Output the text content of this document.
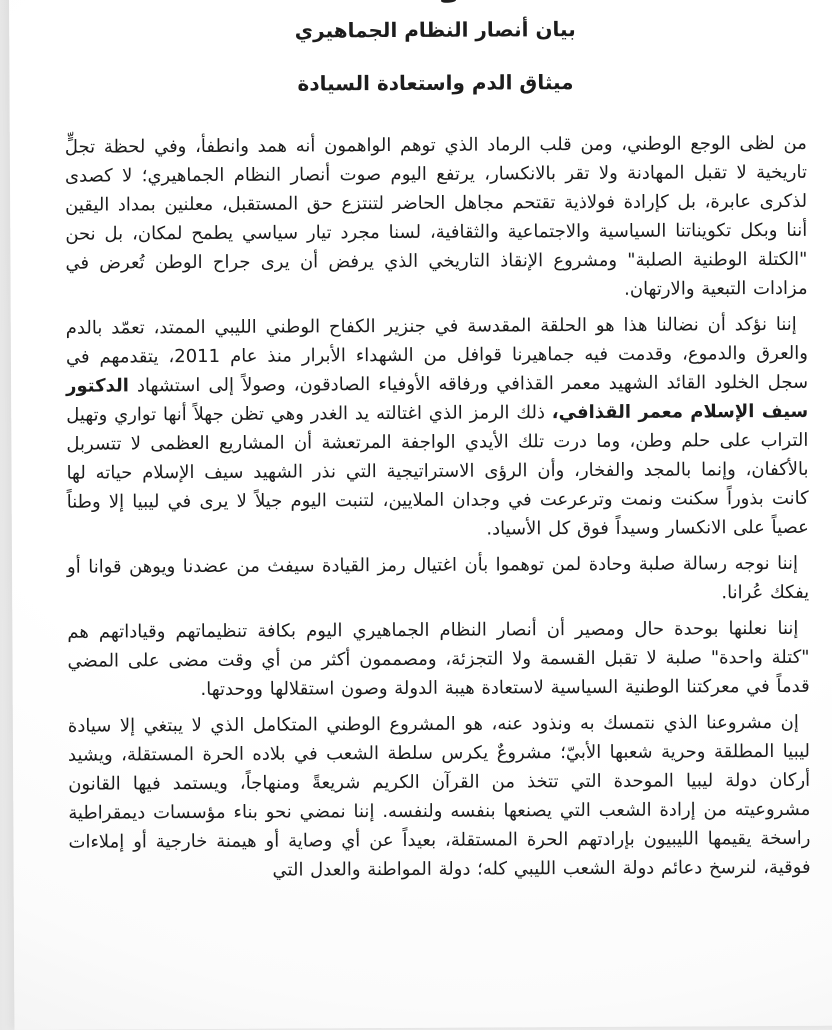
بيان أنصار النظام الجماهيري
ميثاق الدم واستعادة السيادة

من لظى الوجع الوطني، ومن قلب الرماد الذي توهم الواهمون أنه همد وانطفأ، وفي لحظة تجلٍّ تاريخية لا تقبل المهادنة ولا تقر بالانكسار، يرتفع اليوم صوت أنصار النظام الجماهيري؛ لا كصدى لذكرى عابرة، بل كإرادة فولاذية تقتحم مجاهل الحاضر لتنتزع حق المستقبل، معلنين بمداد اليقين أننا وبكل تكويناتنا السياسية والاجتماعية والثقافية، لسنا مجرد تيار سياسي يطمح لمكان، بل نحن "الكتلة الوطنية الصلبة" ومشروع الإنقاذ التاريخي الذي يرفض أن يرى جراح الوطن تُعرض في مزادات التبعية والارتهان.

إننا نؤكد أن نضالنا هذا هو الحلقة المقدسة في جنزير الكفاح الوطني الليبي الممتد، تعمّد بالدم والعرق والدموع، وقدمت فيه جماهيرنا قوافل من الشهداء الأبرار منذ عام 2011، يتقدمهم في سجل الخلود القائد الشهيد معمر القذافي ورفاقه الأوفياء الصادقون، وصولاً إلى استشهاد الدكتور سيف الإسلام معمر القذافي، ذلك الرمز الذي اغتالته يد الغدر وهي تظن جهلاً أنها تواري وتهيل التراب على حلم وطن، وما درت تلك الأيدي الواجفة المرتعشة أن المشاريع العظمى لا تتسربل بالأكفان، وإنما بالمجد والفخار، وأن الرؤى الاستراتيجية التي نذر الشهيد سيف الإسلام حياته لها كانت بذوراً سكنت ونمت وترعرعت في وجدان الملايين، لتنبت اليوم جيلاً لا يرى في ليبيا إلا وطناً عصياً على الانكسار وسيداً فوق كل الأسياد.

إننا نوجه رسالة صلبة وحادة لمن توهموا بأن اغتيال رمز القيادة سيفث من عضدنا ويوهن قوانا أو يفكك عُرانا.

إننا نعلنها بوحدة حال ومصير أن أنصار النظام الجماهيري اليوم بكافة تنظيماتهم وقياداتهم هم "كتلة واحدة" صلبة لا تقبل القسمة ولا التجزئة، ومصممون أكثر من أي وقت مضى على المضي قدماً في معركتنا الوطنية السياسية لاستعادة هيبة الدولة وصون استقلالها ووحدتها.

إن مشروعنا الذي نتمسك به ونذود عنه، هو المشروع الوطني المتكامل الذي لا يبتغي إلا سيادة ليبيا المطلقة وحرية شعبها الأبيّ؛ مشروعٌ يكرس سلطة الشعب في بلاده الحرة المستقلة، ويشيد أركان دولة ليبيا الموحدة التي تتخذ من القرآن الكريم شريعةً ومنهاجاً، ويستمد فيها القانون مشروعيته من إرادة الشعب التي يصنعها بنفسه ولنفسه. إننا نمضي نحو بناء مؤسسات ديمقراطية راسخة يقيمها الليبيون بإرادتهم الحرة المستقلة، بعيداً عن أي وصاية أو هيمنة خارجية أو إملاءات فوقية، لنرسخ دعائم دولة الشعب الليبي كله؛ دولة المواطنة والعدل التي
